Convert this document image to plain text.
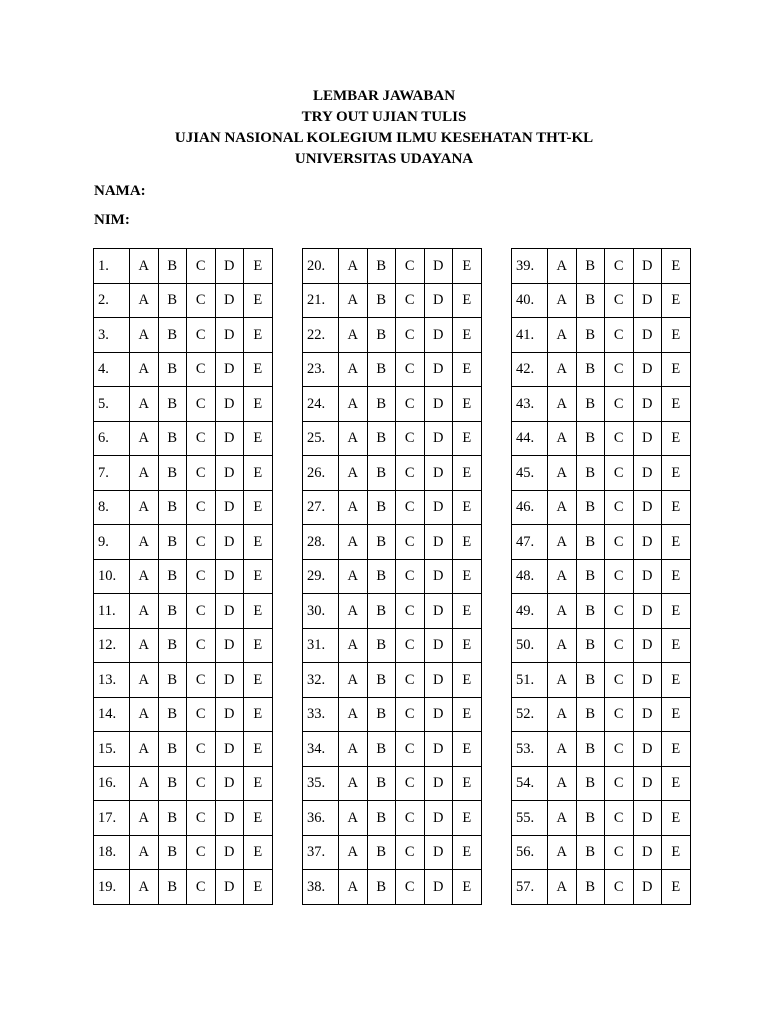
LEMBAR JAWABAN
TRY OUT UJIAN TULIS
UJIAN NASIONAL KOLEGIUM ILMU KESEHATAN THT-KL
UNIVERSITAS UDAYANA
NAMA:
NIM:
1.	A	B	C	D	E
2.	A	B	C	D	E
3.	A	B	C	D	E
4.	A	B	C	D	E
5.	A	B	C	D	E
6.	A	B	C	D	E
7.	A	B	C	D	E
8.	A	B	C	D	E
9.	A	B	C	D	E
10.	A	B	C	D	E
11.	A	B	C	D	E
12.	A	B	C	D	E
13.	A	B	C	D	E
14.	A	B	C	D	E
15.	A	B	C	D	E
16.	A	B	C	D	E
17.	A	B	C	D	E
18.	A	B	C	D	E
19.	A	B	C	D	E
20.	A	B	C	D	E
21.	A	B	C	D	E
22.	A	B	C	D	E
23.	A	B	C	D	E
24.	A	B	C	D	E
25.	A	B	C	D	E
26.	A	B	C	D	E
27.	A	B	C	D	E
28.	A	B	C	D	E
29.	A	B	C	D	E
30.	A	B	C	D	E
31.	A	B	C	D	E
32.	A	B	C	D	E
33.	A	B	C	D	E
34.	A	B	C	D	E
35.	A	B	C	D	E
36.	A	B	C	D	E
37.	A	B	C	D	E
38.	A	B	C	D	E
39.	A	B	C	D	E
40.	A	B	C	D	E
41.	A	B	C	D	E
42.	A	B	C	D	E
43.	A	B	C	D	E
44.	A	B	C	D	E
45.	A	B	C	D	E
46.	A	B	C	D	E
47.	A	B	C	D	E
48.	A	B	C	D	E
49.	A	B	C	D	E
50.	A	B	C	D	E
51.	A	B	C	D	E
52.	A	B	C	D	E
53.	A	B	C	D	E
54.	A	B	C	D	E
55.	A	B	C	D	E
56.	A	B	C	D	E
57.	A	B	C	D	E
